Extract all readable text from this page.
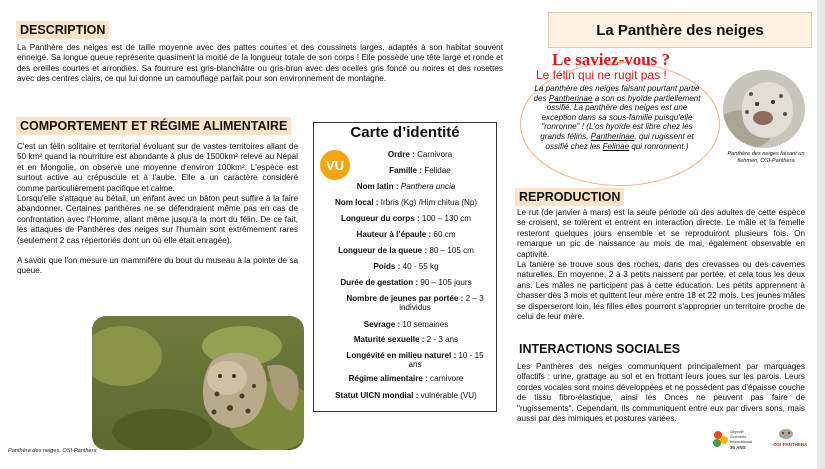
DESCRIPTION
La Panthère des neiges est de taille moyenne avec des pattes courtes et des coussinets larges, adaptés à son habitat souvent enneigé. Sa longue queue représente quasiment la moitié de la longueur totale de son corps ! Elle possède une tête large et ronde et des oreilles courtes et arrondies. Sa fourrure est gris-blanchâtre ou gris-brun avec des ocelles gris foncé ou noires et des rosettes avec des centres clairs, ce qui lui donne un camouflage parfait pour son environnement de montagne.
COMPORTEMENT ET RÉGIME ALIMENTAIRE

C'est un félin solitaire et territorial évoluant sur de vastes territoires allant de 50 km² quand la nourriture est abondante à plus de 1500km² relevé au Népal et en Mongolie, on observe une moyenne d'environ 100km². L'espèce est surtout active au crépuscule et à l'aube. Elle a un caractère considéré comme particulièrement pacifique et calme.

Lorsqu'elle s'attaque au bétail, un enfant avec un bâton peut suffire à la faire abandonner. Certaines panthères ne se défendraient même pas en cas de confrontation avec l'Homme, allant même jusqu'à la mort du félin. De ce fait, les attaques de Panthères des neiges sur l'humain sont extrêmement rares (seulement 2 cas répertoriés dont un où elle était enragée).

A savoir que l'on mesure un mammifère du bout du museau à la pointe de sa queue.

Panthère des neiges, OSI-Panthera
Carte d’identité
VU
Ordre : Carnivora
Famille : Felidae
Nom latin : Panthera uncia
Nom local : Irbris (Kg) /Him chitua (Np)
Longueur du corps : 100 – 130 cm
Hauteur à l’épaule : 60 cm
Longueur de la queue : 80 – 105 cm
Poids : 40 - 55 kg
Durée de gestation : 90 – 105 jours
Nombre de jeunes par portée : 2 – 3 individus
Sevrage : 10 semaines
Maturité sexuelle : 2 - 3 ans
Longévité en milieu naturel : 10 - 15 ans
Régime alimentaire : carnivore
Statut UICN mondial : vulnérable (VU)
La Panthère des neiges
Le saviez-vous ?
Le félin qui ne rugit pas !
La panthère des neiges faisant pourtant partie des Pantherinae a son os hyoïde partiellement ossifié. La panthère des neiges est une exception dans sa sous-famille puisqu'elle "ronronne" ! (L'os hyoïde est libre chez les grands félins, Pantherinae, qui rugissent et ossifié chez les Felinae qui ronronnent.)
Panthère des neiges faisant un flehmen, OSI-Panthera
REPRODUCTION

Le rut (de janvier à mars) est la seule période où des adultes de cette espèce se croisent, se tolèrent et entrent en interaction directe. Le mâle et la femelle resteront quelques jours ensemble et se reproduiront plusieurs fois. On remarque un pic de naissance au mois de mai, également observable en captivité.

La tanière se trouve sous des roches, dans des crevasses ou des cavernes naturelles. En moyenne, 2 à 3 petits naissent par portée, et cela tous les deux ans. Les mâles ne participent pas à cette éducation. Les petits apprennent à chasser dès 3 mois et quittent leur mère entre 18 et 22 mois. Les jeunes mâles se disperseront loin, les filles elles pourront s'approprier un territoire proche de celui de leur mère.

INTERACTIONS SOCIALES
Les Panthères des neiges communiquent principalement par marquages olfactifs : urine, grattage au sol et en frottant leurs joues sur les parois. Leurs cordes vocales sont moins développées et ne possèdent pas d'épaisse couche de tissu fibro-élastique, ainsi les Onces ne peuvent pas faire de "rugissements". Cependant, ils communiquent entre eux par divers sons, mais aussi par des mimiques et postures variées.
Objectif
Sciences
International
30 ANS
-OSI-PANTHERA
